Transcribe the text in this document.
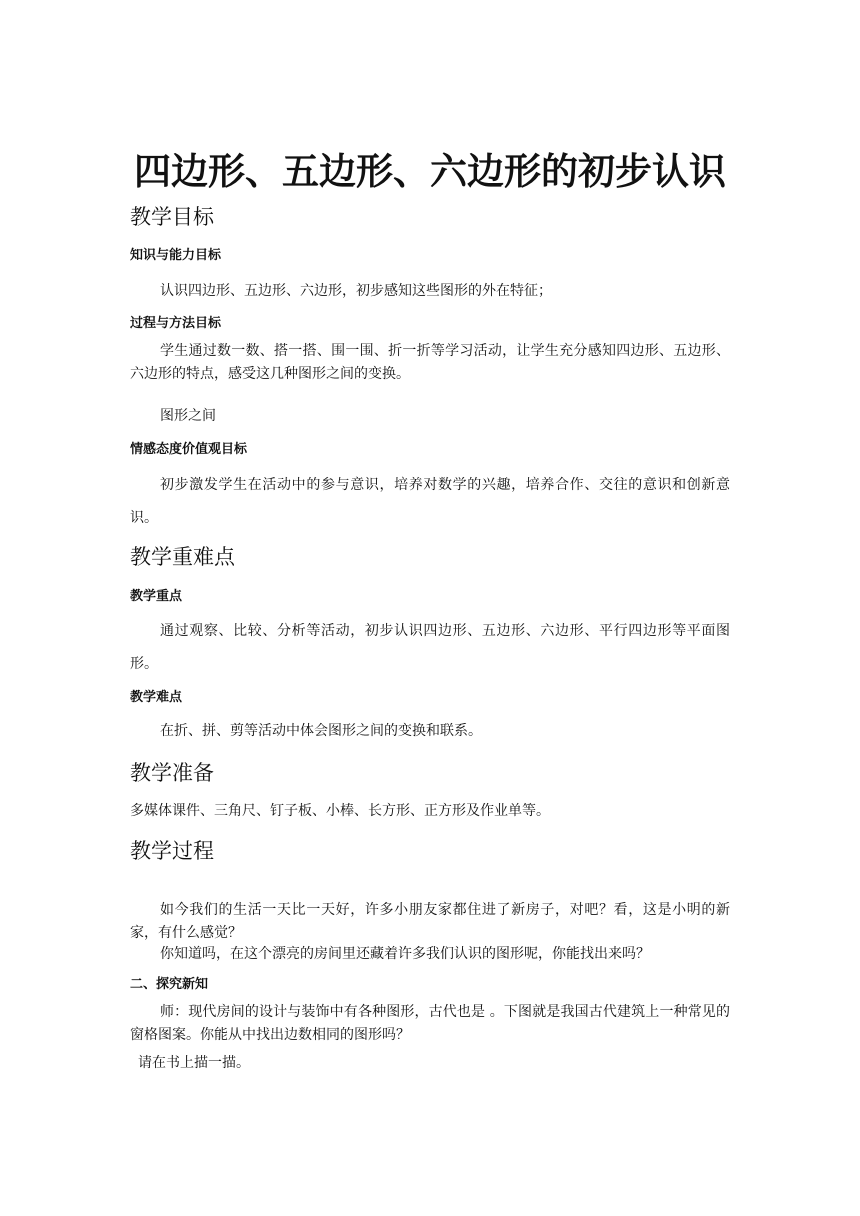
四边形、五边形、六边形的初步认识
教学目标
知识与能力目标

认识四边形、五边形、六边形，初步感知这些图形的外在特征；

过程与方法目标

学生通过数一数、搭一搭、围一围、折一折等学习活动，让学生充分感知四边形、五边形、六边形的特点，感受这几种图形之间的变换。

图形之间

情感态度价值观目标

初步激发学生在活动中的参与意识，培养对数学的兴趣，培养合作、交往的意识和创新意识。

教学重难点
教学重点

通过观察、比较、分析等活动，初步认识四边形、五边形、六边形、平行四边形等平面图形。

教学难点

在折、拼、剪等活动中体会图形之间的变换和联系。

教学准备

多媒体课件、三角尺、钉子板、小棒、长方形、正方形及作业单等。

教学过程

如今我们的生活一天比一天好，许多小朋友家都住进了新房子，对吧？看，这是小明的新家，有什么感觉？

你知道吗，在这个漂亮的房间里还藏着许多我们认识的图形呢，你能找出来吗？

二、探究新知

师：现代房间的设计与装饰中有各种图形，古代也是 。下图就是我国古代建筑上一种常见的窗格图案。你能从中找出边数相同的图形吗？

请在书上描一描。
